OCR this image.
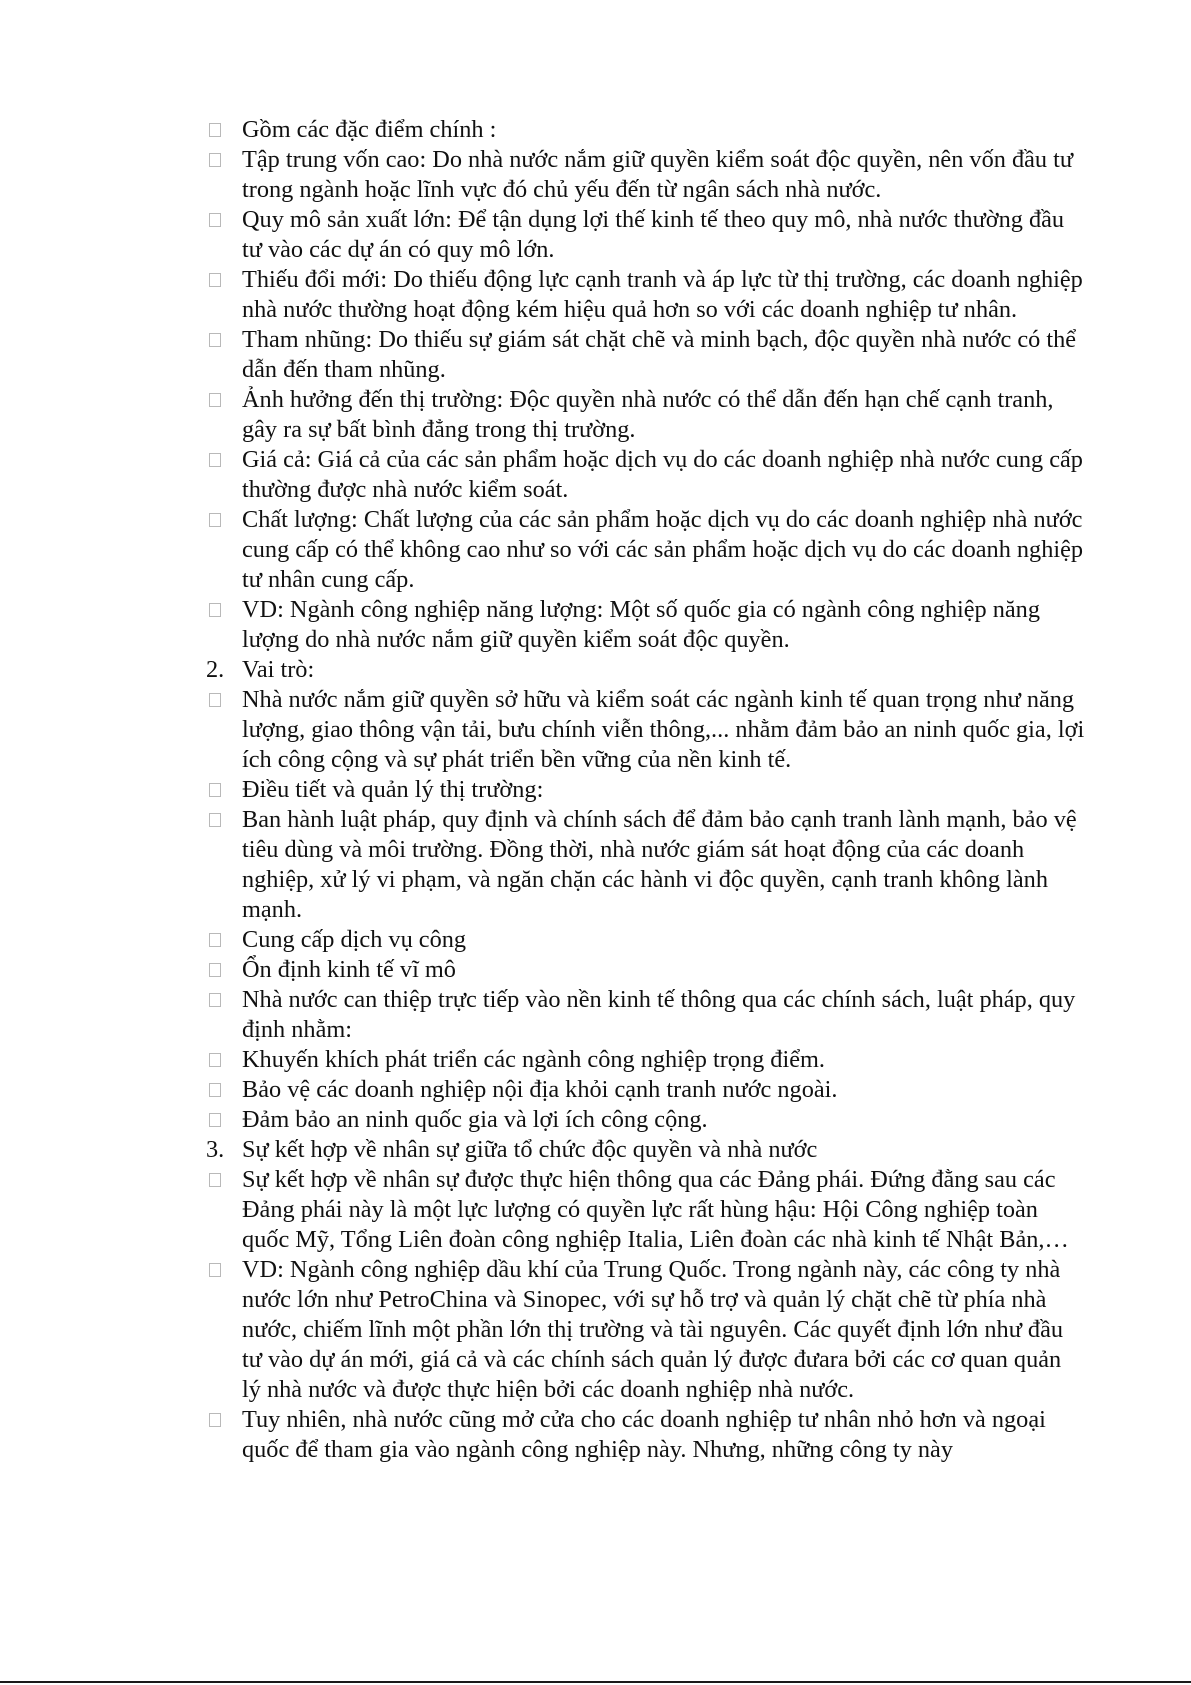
Gồm các đặc điểm chính :
Tập trung vốn cao: Do nhà nước nắm giữ quyền kiểm soát độc quyền, nên vốn đầu tư trong ngành hoặc lĩnh vực đó chủ yếu đến từ ngân sách nhà nước.
Quy mô sản xuất lớn: Để tận dụng lợi thế kinh tế theo quy mô, nhà nước thường đầu tư vào các dự án có quy mô lớn.
Thiếu đổi mới: Do thiếu động lực cạnh tranh và áp lực từ thị trường, các doanh nghiệp nhà nước thường hoạt động kém hiệu quả hơn so với các doanh nghiệp tư nhân.
Tham nhũng: Do thiếu sự giám sát chặt chẽ và minh bạch, độc quyền nhà nước có thể dẫn đến tham nhũng.
Ảnh hưởng đến thị trường: Độc quyền nhà nước có thể dẫn đến hạn chế cạnh tranh, gây ra sự bất bình đẳng trong thị trường.
Giá cả: Giá cả của các sản phẩm hoặc dịch vụ do các doanh nghiệp nhà nước cung cấp thường được nhà nước kiểm soát.
Chất lượng: Chất lượng của các sản phẩm hoặc dịch vụ do các doanh nghiệp nhà nước cung cấp có thể không cao như so với các sản phẩm hoặc dịch vụ do các doanh nghiệp tư nhân cung cấp.
VD: Ngành công nghiệp năng lượng: Một số quốc gia có ngành công nghiệp năng lượng do nhà nước nắm giữ quyền kiểm soát độc quyền.
2. Vai trò:
Nhà nước nắm giữ quyền sở hữu và kiểm soát các ngành kinh tế quan trọng như năng lượng, giao thông vận tải, bưu chính viễn thông,... nhằm đảm bảo an ninh quốc gia, lợi ích công cộng và sự phát triển bền vững của nền kinh tế.
Điều tiết và quản lý thị trường:
Ban hành luật pháp, quy định và chính sách để đảm bảo cạnh tranh lành mạnh, bảo vệ tiêu dùng và môi trường. Đồng thời, nhà nước giám sát hoạt động của các doanh nghiệp, xử lý vi phạm, và ngăn chặn các hành vi độc quyền, cạnh tranh không lành mạnh.
Cung cấp dịch vụ công
Ổn định kinh tế vĩ mô
Nhà nước can thiệp trực tiếp vào nền kinh tế thông qua các chính sách, luật pháp, quy định nhằm:
Khuyến khích phát triển các ngành công nghiệp trọng điểm.
Bảo vệ các doanh nghiệp nội địa khỏi cạnh tranh nước ngoài.
Đảm bảo an ninh quốc gia và lợi ích công cộng.
3. Sự kết hợp về nhân sự giữa tổ chức độc quyền và nhà nước
Sự kết hợp về nhân sự được thực hiện thông qua các Đảng phái. Đứng đằng sau các Đảng phái này là một lực lượng có quyền lực rất hùng hậu: Hội Công nghiệp toàn quốc Mỹ, Tổng Liên đoàn công nghiệp Italia, Liên đoàn các nhà kinh tế Nhật Bản,…
VD: Ngành công nghiệp dầu khí của Trung Quốc. Trong ngành này, các công ty nhà nước lớn như PetroChina và Sinopec, với sự hỗ trợ và quản lý chặt chẽ từ phía nhà nước, chiếm lĩnh một phần lớn thị trường và tài nguyên. Các quyết định lớn như đầu tư vào dự án mới, giá cả và các chính sách quản lý được đưara bởi các cơ quan quản lý nhà nước và được thực hiện bởi các doanh nghiệp nhà nước.
Tuy nhiên, nhà nước cũng mở cửa cho các doanh nghiệp tư nhân nhỏ hơn và ngoại quốc để tham gia vào ngành công nghiệp này. Nhưng, những công ty này
